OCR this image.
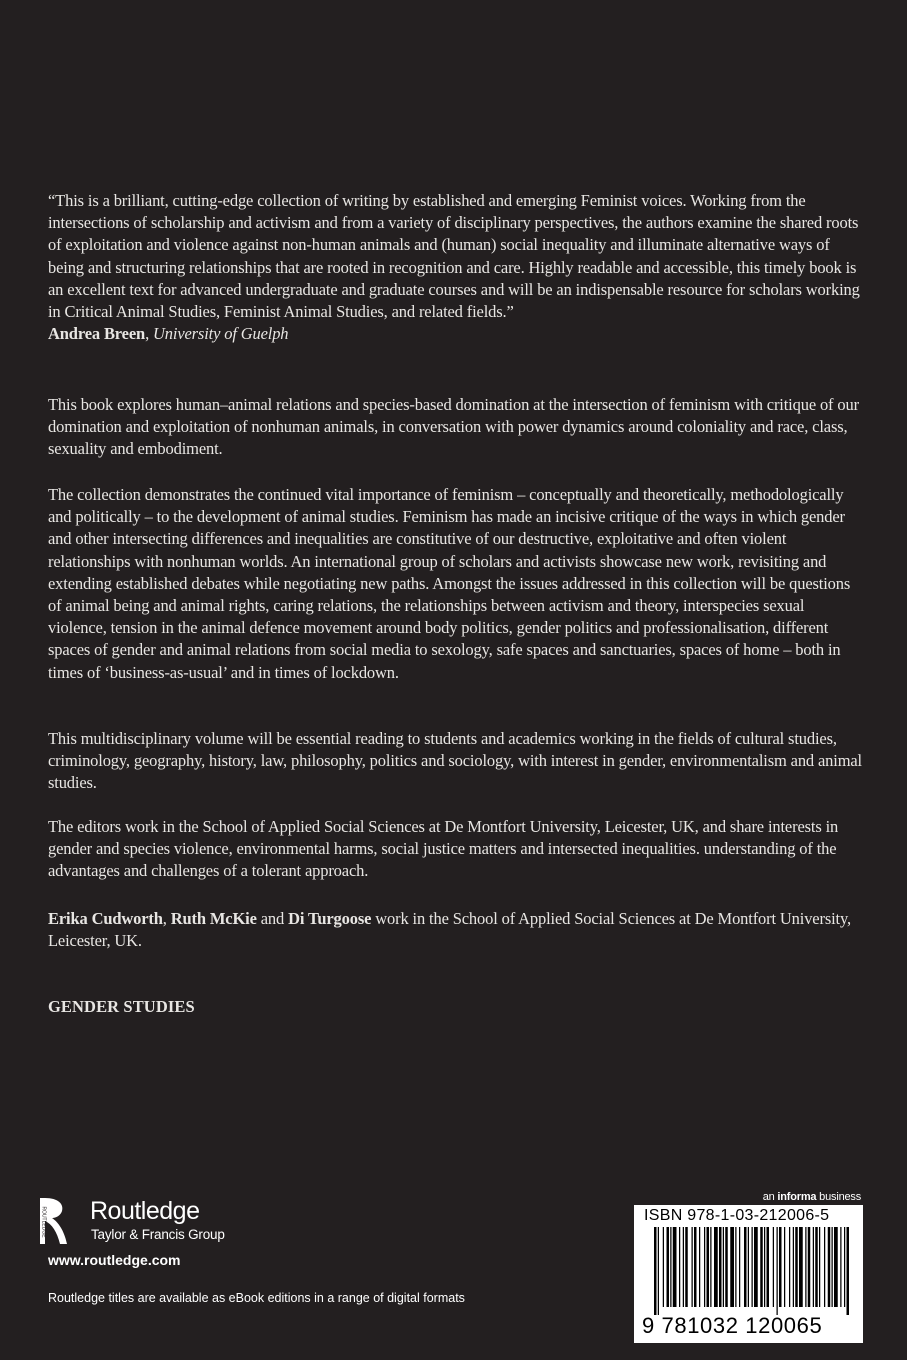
“This is a brilliant, cutting-edge collection of writing by established and emerging Feminist voices. Working from the intersections of scholarship and activism and from a variety of disciplinary perspectives, the authors examine the shared roots of exploitation and violence against non-human animals and (human) social inequality and illuminate alternative ways of being and structuring relationships that are rooted in recognition and care. Highly readable and accessible, this timely book is an excellent text for advanced undergraduate and graduate courses and will be an indispensable resource for scholars working in Critical Animal Studies, Feminist Animal Studies, and related fields.”
Andrea Breen, University of Guelph

This book explores human–animal relations and species-based domination at the intersection of feminism with critique of our domination and exploitation of nonhuman animals, in conversation with power dynamics around coloniality and race, class, sexuality and embodiment.

The collection demonstrates the continued vital importance of feminism – conceptually and theoretically, methodologically and politically – to the development of animal studies. Feminism has made an incisive critique of the ways in which gender and other intersecting differences and inequalities are constitutive of our destructive, exploitative and often violent relationships with nonhuman worlds. An international group of scholars and activists showcase new work, revisiting and extending established debates while negotiating new paths. Amongst the issues addressed in this collection will be questions of animal being and animal rights, caring relations, the relationships between activism and theory, interspecies sexual violence, tension in the animal defence movement around body politics, gender politics and professionalisation, different spaces of gender and animal relations from social media to sexology, safe spaces and sanctuaries, spaces of home – both in times of ‘business-as-usual’ and in times of lockdown.

This multidisciplinary volume will be essential reading to students and academics working in the fields of cultural studies, criminology, geography, history, law, philosophy, politics and sociology, with interest in gender, environmentalism and animal studies.

The editors work in the School of Applied Social Sciences at De Montfort University, Leicester, UK, and share interests in gender and species violence, environmental harms, social justice matters and intersected inequalities. understanding of the advantages and challenges of a tolerant approach.

Erika Cudworth, Ruth McKie and Di Turgoose work in the School of Applied Social Sciences at De Montfort University, Leicester, UK.

GENDER STUDIES
ROUTLEDGE Routledge
Taylor & Francis Group
www.routledge.com
Routledge titles are available as eBook editions in a range of digital formats
an informa business
ISBN 978-1-03-212006-5
9 781032 120065
